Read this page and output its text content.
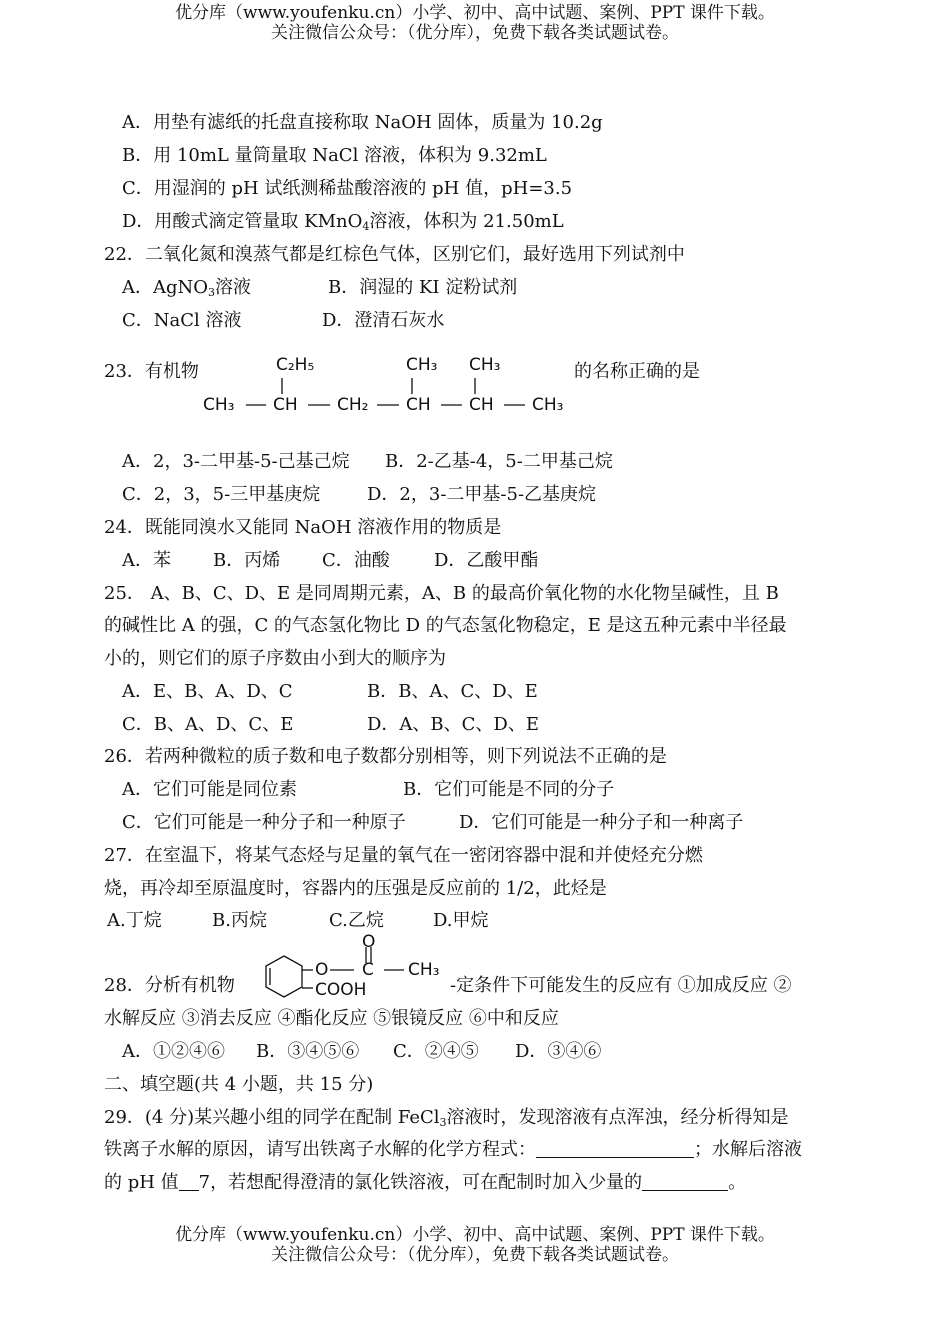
优分库（www.youfenku.cn）小学、初中、高中试题、案例、PPT 课件下载。
关注微信公众号：（优分库），免费下载各类试题试卷。
A．用垫有滤纸的托盘直接称取 NaOH 固体，质量为 10.2g
B．用 10mL 量筒量取 NaCl 溶液，体积为 9.32mL
C．用湿润的 pH 试纸测稀盐酸溶液的 pH 值，pH=3.5
D．用酸式滴定管量取 KMnO$_4$溶液，体积为 21.50mL
22．二氧化氮和溴蒸气都是红棕色气体，区别它们，最好选用下列试剂中
A．AgNO$_3$溶液	B．润湿的 KI 淀粉试剂
C．NaCl 溶液	D．澄清石灰水
23．有机物	的名称正确的是
C₂H₅	CH₃ CH₃
CH₃ CH CH₂ CH CH CH₃
A．2，3-二甲基-5-己基己烷 B．2-乙基-4，5-二甲基己烷
C．2，3，5-三甲基庚烷	D．2，3-二甲基-5-乙基庚烷
24．既能同溴水又能同 NaOH 溶液作用的物质是
A．苯 B．丙烯 C．油酸 D．乙酸甲酯
25． A、B、C、D、E 是同周期元素，A、B 的最高价氧化物的水化物呈碱性，且 B
的碱性比 A 的强，C 的气态氢化物比 D 的气态氢化物稳定，E 是这五种元素中半径最
小的，则它们的原子序数由小到大的顺序为
A．E、B、A、D、C	B．B、A、C、D、E
C．B、A、D、C、E	D．A、B、C、D、E
26．若两种微粒的质子数和电子数都分别相等，则下列说法不正确的是
A．它们可能是同位素	B．它们可能是不同的分子
C．它们可能是一种分子和一种原子	D．它们可能是一种分子和一种离子
27．在室温下，将某气态烃与足量的氧气在一密闭容器中混和并使烃充分燃
烧，再冷却至原温度时，容器内的压强是反应前的 1/2，此烃是
A.丁烷	B.丙烷	C.乙烷	D.甲烷
28．分析有机物
O
O C CH₃
COOH	-定条件下可能发生的反应有 ①加成反应 ②
水解反应 ③消去反应 ④酯化反应 ⑤银镜反应 ⑥中和反应
A．①②④⑥ B．③④⑤⑥ C．②④⑤ D．③④⑥
二、填空题(共 4 小题，共 15 分)
29．(4 分)某兴趣小组的同学在配制 FeCl$_3$溶液时，发现溶液有点浑浊，经分析得知是
铁离子水解的原因，请写出铁离子水解的化学方程式：	；水解后溶液
的 pH 值 7，若想配得澄清的氯化铁溶液，可在配制时加入少量的	。
优分库（www.youfenku.cn）小学、初中、高中试题、案例、PPT 课件下载。
关注微信公众号：（优分库），免费下载各类试题试卷。
